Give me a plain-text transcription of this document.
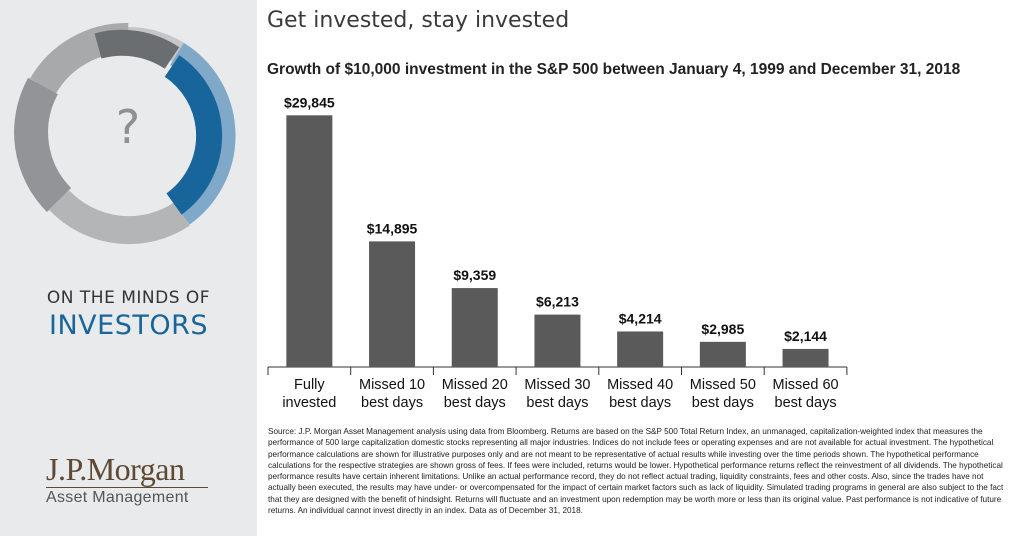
?
ON THE MINDS OF
INVESTORS
J.P.Morgan
Asset Management
Get invested, stay invested
Growth of $10,000 investment in the S&P 500 between January 4, 1999 and December 31, 2018
$29,845
Fully invested
$14,895
Missed 10 best days
$9,359
Missed 20 best days
$6,213
Missed 30 best days
$4,214
Missed 40 best days
$2,985
Missed 50 best days
$2,144
Missed 60 best days
Source: J.P. Morgan Asset Management analysis using data from Bloomberg. Returns are based on the S&P 500 Total Return Index, an unmanaged, capitalization-weighted index that measures the performance of 500 large capitalization domestic stocks representing all major industries. Indices do not include fees or operating expenses and are not available for actual investment. The hypothetical performance calculations are shown for illustrative purposes only and are not meant to be representative of actual results while investing over the time periods shown. The hypothetical performance calculations for the respective strategies are shown gross of fees. If fees were included, returns would be lower. Hypothetical performance returns reflect the reinvestment of all dividends. The hypothetical performance results have certain inherent limitations. Unlike an actual performance record, they do not reflect actual trading, liquidity constraints, fees and other costs. Also, since the trades have not actually been executed, the results may have under- or overcompensated for the impact of certain market factors such as lack of liquidity. Simulated trading programs in general are also subject to the fact that they are designed with the benefit of hindsight. Returns will fluctuate and an investment upon redemption may be worth more or less than its original value. Past performance is not indicative of future returns. An individual cannot invest directly in an index. Data as of December 31, 2018.
